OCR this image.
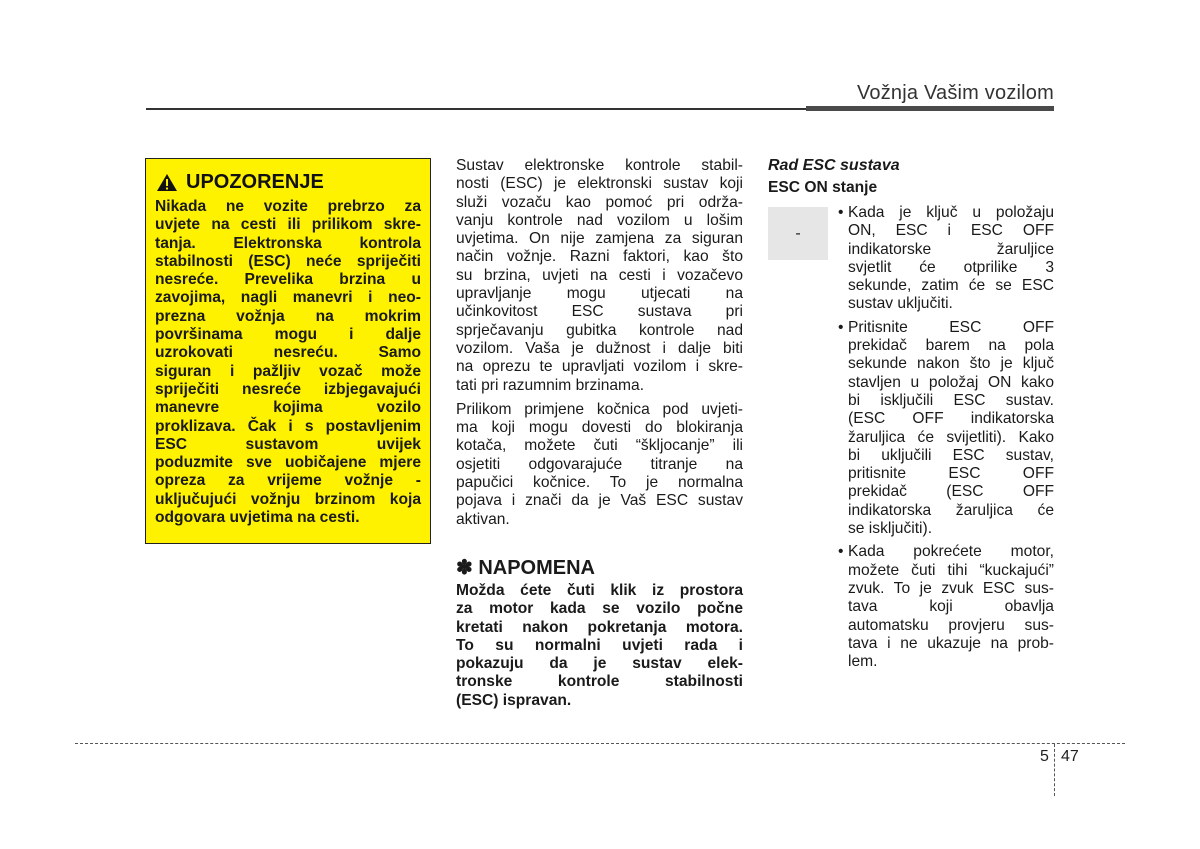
Vožnja Vašim vozilom
UPOZORENJE
Nikada ne vozite prebrzo za
uvjete na cesti ili prilikom skre-
tanja. Elektronska kontrola
stabilnosti (ESC) neće spriječiti
nesreće. Prevelika brzina u
zavojima, nagli manevri i neo-
prezna vožnja na mokrim
površinama mogu i dalje
uzrokovati nesreću. Samo
siguran i pažljiv vozač može
spriječiti nesreće izbjegavajući
manevre kojima vozilo
proklizava. Čak i s postavljenim
ESC sustavom uvijek
poduzmite sve uobičajene mjere
opreza za vrijeme vožnje -
uključujući vožnju brzinom koja
odgovara uvjetima na cesti.
Sustav elektronske kontrole stabil-
nosti (ESC) je elektronski sustav koji
služi vozaču kao pomoć pri održa-
vanju kontrole nad vozilom u lošim
uvjetima. On nije zamjena za siguran
način vožnje. Razni faktori, kao što
su brzina, uvjeti na cesti i vozačevo
upravljanje mogu utjecati na
učinkovitost ESC sustava pri
sprječavanju gubitka kontrole nad
vozilom. Vaša je dužnost i dalje biti
na oprezu te upravljati vozilom i skre-
tati pri razumnim brzinama.
Prilikom primjene kočnica pod uvjeti-
ma koji mogu dovesti do blokiranja
kotača, možete čuti “škljocanje” ili
osjetiti odgovarajuće titranje na
papučici kočnice. To je normalna
pojava i znači da je Vaš ESC sustav
aktivan.
✽ NAPOMENA
Možda ćete čuti klik iz prostora
za motor kada se vozilo počne
kretati nakon pokretanja motora.
To su normalni uvjeti rada i
pokazuju da je sustav elek-
tronske kontrole stabilnosti
(ESC) ispravan.
Rad ESC sustava
ESC ON stanje
-
• Kada je ključ u položaju
ON, ESC i ESC OFF
indikatorske žaruljice
svjetlit će otprilike 3
sekunde, zatim će se ESC
sustav uključiti.
• Pritisnite ESC OFF
prekidač barem na pola
sekunde nakon što je ključ
stavljen u položaj ON kako
bi isključili ESC sustav.
(ESC OFF indikatorska
žaruljica će svijetliti). Kako
bi uključili ESC sustav,
pritisnite ESC OFF
prekidač (ESC OFF
indikatorska žaruljica će
se isključiti).
• Kada pokrećete motor,
možete čuti tihi “kuckajući”
zvuk. To je zvuk ESC sus-
tava koji obavlja
automatsku provjeru sus-
tava i ne ukazuje na prob-
lem.
5 47
